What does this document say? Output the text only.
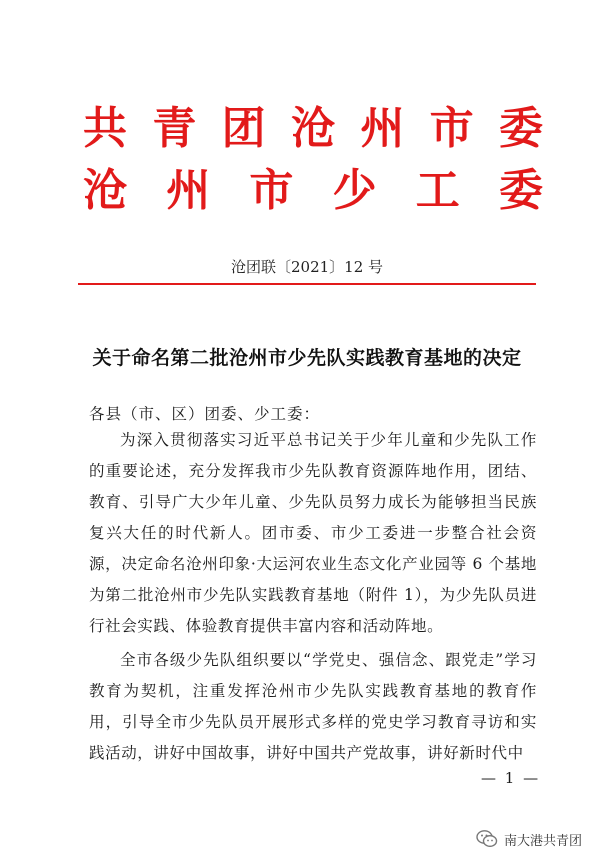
共 青 团 沧 州 市 委
沧 州 市 少 工 委
沧团联〔2021〕12 号
关于命名第二批沧州市少先队实践教育基地的决定
各县（市、区）团委、少工委：
为深入贯彻落实习近平总书记关于少年儿童和少先队工作的重要论述，充分发挥我市少先队教育资源阵地作用，团结、教育、引导广大少年儿童、少先队员努力成长为能够担当民族复兴大任的时代新人。团市委、市少工委进一步整合社会资源，决定命名沧州印象·大运河农业生态文化产业园等 6 个基地为第二批沧州市少先队实践教育基地（附件 1），为少先队员进行社会实践、体验教育提供丰富内容和活动阵地。
全市各级少先队组织要以“学党史、强信念、跟党走”学习教育为契机，注重发挥沧州市少先队实践教育基地的教育作用，引导全市少先队员开展形式多样的党史学习教育寻访和实践活动，讲好中国故事，讲好中国共产党故事，讲好新时代中
— 1 —
南大港共青团
